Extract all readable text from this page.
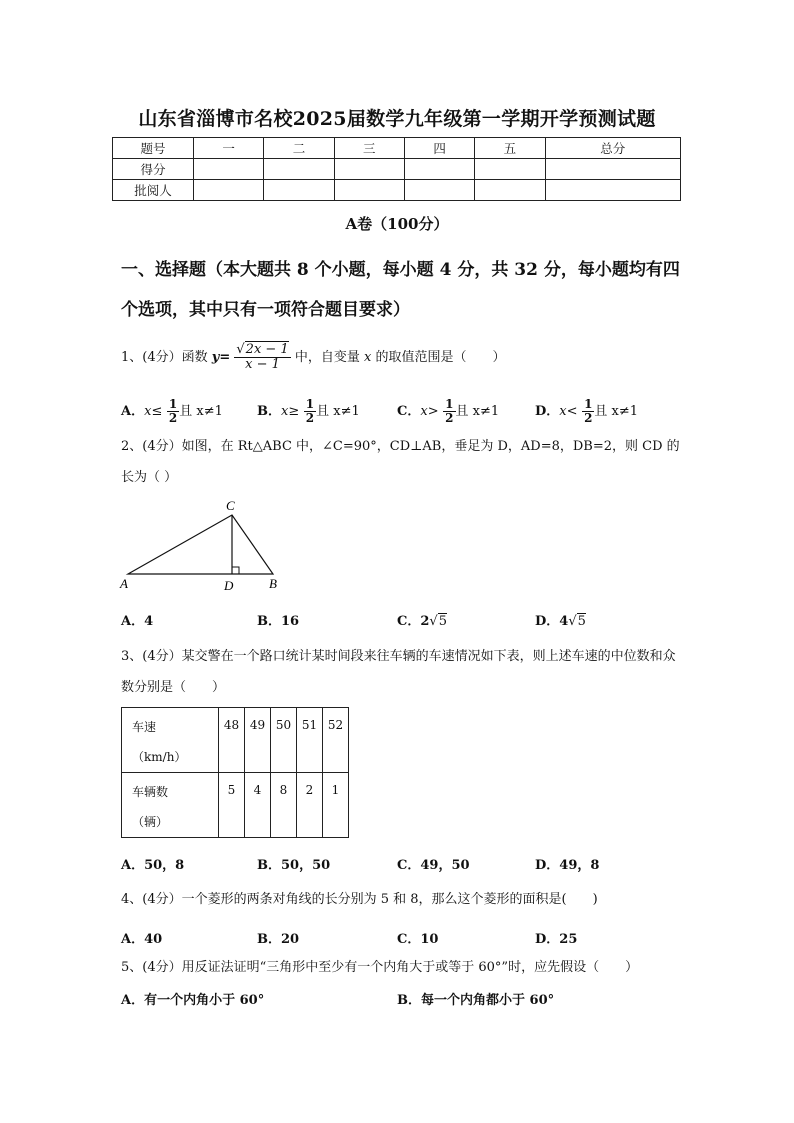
山东省淄博市名校2025届数学九年级第一学期开学预测试题
题号	一	二	三	四	五	总分
得分						
批阅人						
A卷（100分）
一、选择题（本大题共 8 个小题，每小题 4 分，共 32 分，每小题均有四个选项，其中只有一项符合题目要求）
1、(4分）函数 $y= \frac{√2x - 1}{x - 1}$ 中，自变量 x 的取值范围是（　　）
A．$x\le \frac{1}{2}$ 且 x≠1	B．$x\ge \frac{1}{2}$ 且 x≠1	C．$x> \frac{1}{2}$ 且 x≠1	D．$x< \frac{1}{2}$ 且 x≠1
2、(4分）如图，在 Rt△ABC 中，∠C=90°，CD⊥AB，垂足为 D，AD=8，DB=2，则 CD 的长为（ ）
A	B
C
D
A．4	B．16	C．2√5	D．4√5
3、(4分）某交警在一个路口统计某时间段来往车辆的车速情况如下表，则上述车速的中位数和众数分别是（　　）
车速
（km/h）	48	49	50	51	52

车辆数
（辆）	5	4	8	2	1
A．50，8	B．50，50	C．49，50	D．49，8
4、(4分）一个菱形的两条对角线的长分别为 5 和 8，那么这个菱形的面积是(　　)
A．40	B．20	C．10	D．25
5、(4分）用反证法证明“三角形中至少有一个内角大于或等于 60°”时，应先假设（　　）
A．有一个内角小于 60°	B．每一个内角都小于 60°
